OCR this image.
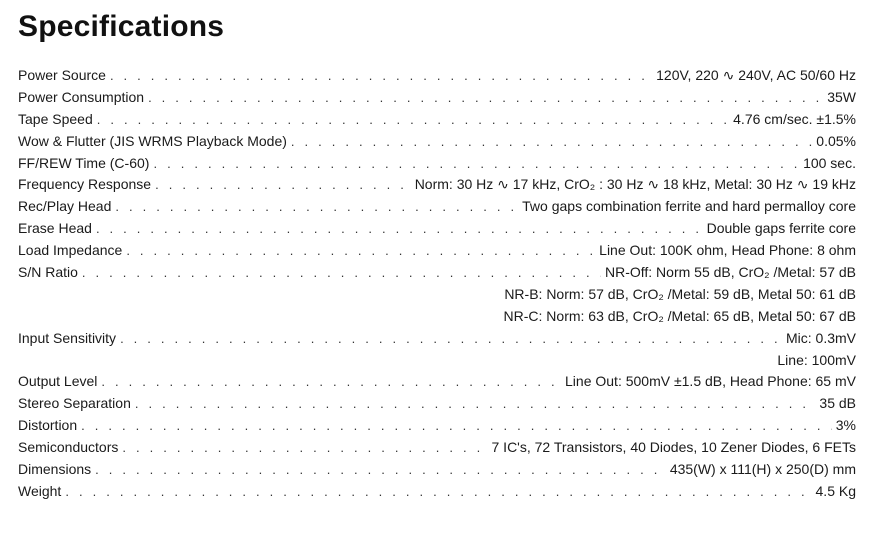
Specifications
Power Source . . .	120V, 220 ∿ 240V, AC 50/60 Hz
Power Consumption . . .	35W
Tape Speed . . .	4.76 cm/sec. ±1.5%
Wow & Flutter (JIS WRMS Playback Mode) . . .	0.05%
FF/REW Time (C-60) . . .	100 sec.
Frequency Response . . .	Norm: 30 Hz ∿ 17 kHz, CrO₂ : 30 Hz ∿ 18 kHz, Metal: 30 Hz ∿ 19 kHz
Rec/Play Head . . .	Two gaps combination ferrite and hard permalloy core
Erase Head . . .	Double gaps ferrite core
Load Impedance . . .	Line Out: 100K ohm, Head Phone: 8 ohm
S/N Ratio . . .	NR-Off: Norm 55 dB, CrO₂ /Metal: 57 dB
NR-B: Norm: 57 dB, CrO₂ /Metal: 59 dB, Metal 50: 61 dB
NR-C: Norm: 63 dB, CrO₂ /Metal: 65 dB, Metal 50: 67 dB
Input Sensitivity . . .	Mic: 0.3mV
Line: 100mV
Output Level . . .	Line Out: 500mV ±1.5 dB, Head Phone: 65 mV
Stereo Separation . . .	35 dB
Distortion . . .	3%
Semiconductors . . .	7 IC's, 72 Transistors, 40 Diodes, 10 Zener Diodes, 6 FETs
Dimensions . . .	435(W) x 111(H) x 250(D) mm
Weight . . .	4.5 Kg
